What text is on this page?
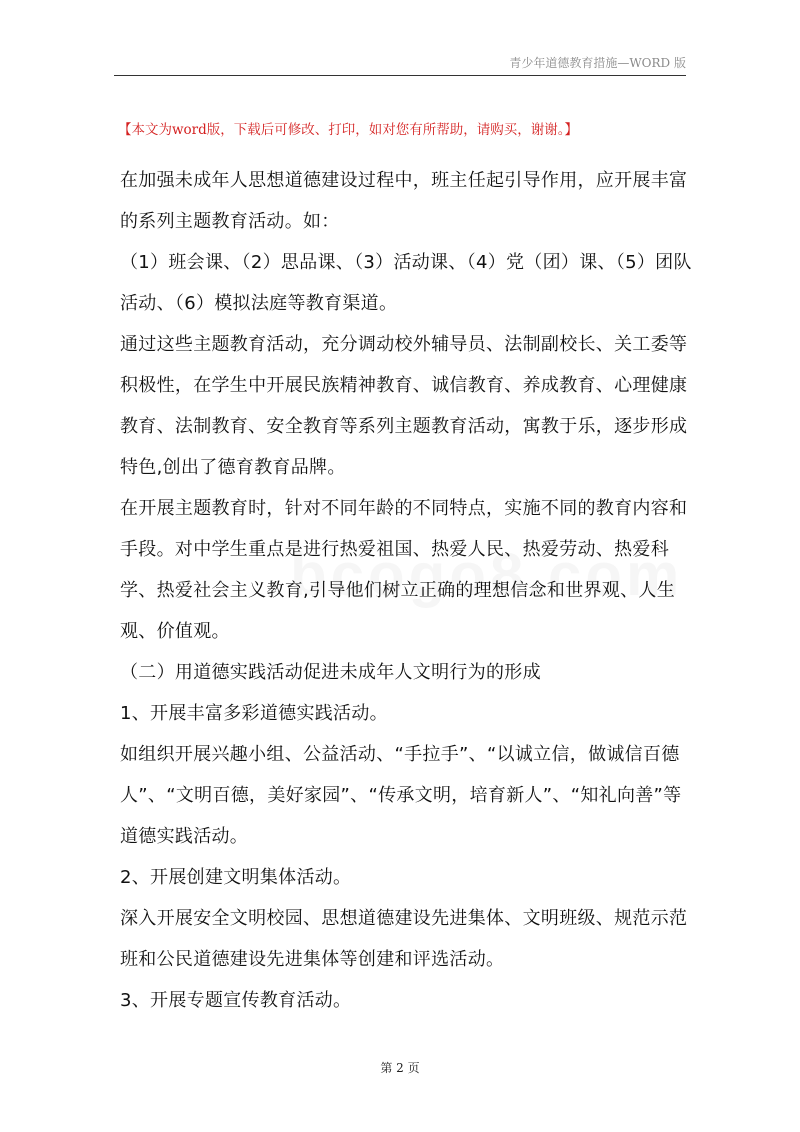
青少年道德教育措施—WORD 版
【本文为word版，下载后可修改、打印，如对您有所帮助，请购买，谢谢。】

在加强未成年人思想道德建设过程中，班主任起引导作用，应开展丰富的系列主题教育活动。如：

（1）班会课、（2）思品课、（3）活动课、（4）党（团）课、（5）团队活动、（6）模拟法庭等教育渠道。

通过这些主题教育活动，充分调动校外辅导员、法制副校长、关工委等积极性，在学生中开展民族精神教育、诚信教育、养成教育、心理健康教育、法制教育、安全教育等系列主题教育活动，寓教于乐，逐步形成特色,创出了德育教育品牌。

在开展主题教育时，针对不同年龄的不同特点，实施不同的教育内容和手段。对中学生重点是进行热爱祖国、热爱人民、热爱劳动、热爱科学、热爱社会主义教育,引导他们树立正确的理想信念和世界观、人生观、价值观。

（二）用道德实践活动促进未成年人文明行为的形成

1、开展丰富多彩道德实践活动。

如组织开展兴趣小组、公益活动、“手拉手”、“以诚立信，做诚信百德人”、“文明百德，美好家园”、“传承文明，培育新人”、“知礼向善”等道德实践活动。

2、开展创建文明集体活动。

深入开展安全文明校园、思想道德建设先进集体、文明班级、规范示范班和公民道德建设先进集体等创建和评选活动。

3、开展专题宣传教育活动。

第 2 页
